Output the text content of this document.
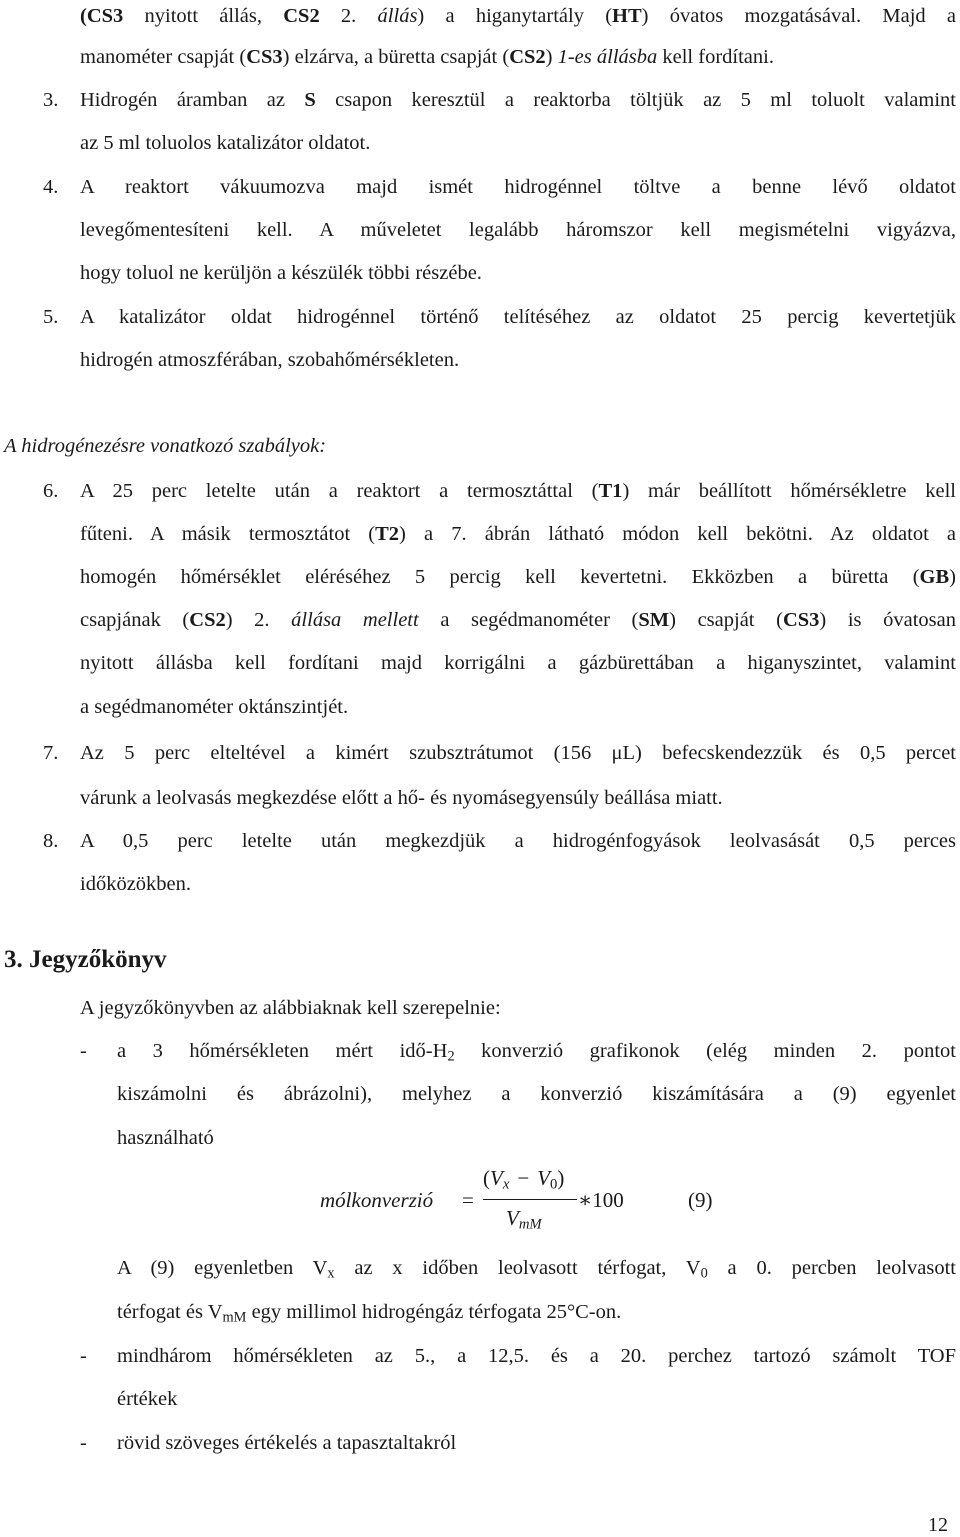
(CS3 nyitott állás, CS2 2. állás) a higanytartály (HT) óvatos mozgatásával. Majd a
manométer csapját (CS3) elzárva, a büretta csapját (CS2) 1-es állásba kell fordítani.
3. Hidrogén áramban az S csapon keresztül a reaktorba töltjük az 5 ml toluolt valamint
az 5 ml toluolos katalizátor oldatot.
4. A reaktort vákuumozva majd ismét hidrogénnel töltve a benne lévő oldatot
levegőmentesíteni kell. A műveletet legalább háromszor kell megismételni vigyázva,
hogy toluol ne kerüljön a készülék többi részébe.
5. A katalizátor oldat hidrogénnel történő telítéséhez az oldatot 25 percig kevertetjük
hidrogén atmoszférában, szobahőmérsékleten.
A hidrogénezésre vonatkozó szabályok:
6. A 25 perc letelte után a reaktort a termosztáttal (T1) már beállított hőmérsékletre kell
fűteni. A másik termosztátot (T2) a 7. ábrán látható módon kell bekötni. Az oldatot a
homogén hőmérséklet eléréséhez 5 percig kell kevertetni. Ekközben a büretta (GB)
csapjának (CS2) 2. állása mellett a segédmanométer (SM) csapját (CS3) is óvatosan
nyitott állásba kell fordítani majd korrigálni a gázbürettában a higanyszintet, valamint
a segédmanométer oktánszintjét.
7. Az 5 perc elteltével a kimért szubsztrátumot (156 μL) befecskendezzük és 0,5 percet
várunk a leolvasás megkezdése előtt a hő- és nyomásegyensúly beállása miatt.
8. A 0,5 perc letelte után megkezdjük a hidrogénfogyások leolvasását 0,5 perces
időközökben.
3. Jegyzőkönyv
A jegyzőkönyvben az alábbiaknak kell szerepelnie:
- a 3 hőmérsékleten mért idő-$H_2$ konverzió grafikonok (elég minden 2. pontot
kiszámolni és ábrázolni), melyhez a konverzió kiszámítására a (9) egyenlet
használható
mólkonverzió =
$(V_x - V_0)$
$V_{mM}$
∗100	(9)
A (9) egyenletben $V_x$ az x időben leolvasott térfogat, $V_0$ a 0. percben leolvasott
térfogat és $V_{mM}$ egy millimol hidrogéngáz térfogata 25°C-on.
- mindhárom hőmérsékleten az 5., a 12,5. és a 20. perchez tartozó számolt TOF
értékek
- rövid szöveges értékelés a tapasztaltakról
12
